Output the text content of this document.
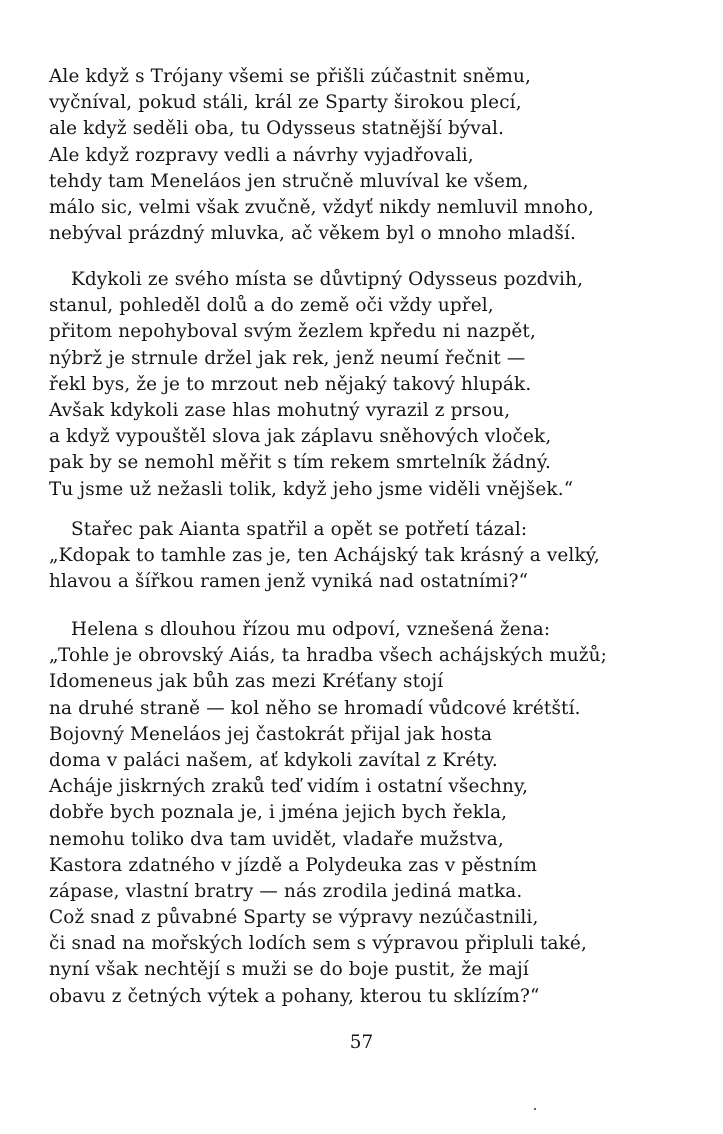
Ale když s Trójany všemi se přišli zúčastnit sněmu,
vyčníval, pokud stáli, král ze Sparty širokou plecí,
ale když seděli oba, tu Odysseus statnější býval.
Ale když rozpravy vedli a návrhy vyjadřovali,
tehdy tam Meneláos jen stručně mluvíval ke všem,
málo sic, velmi však zvučně, vždyť nikdy nemluvil mnoho,
nebýval prázdný mluvka, ač věkem byl o mnoho mladší.
Kdykoli ze svého místa se důvtipný Odysseus pozdvih,
stanul, pohleděl dolů a do země oči vždy upřel,
přitom nepohyboval svým žezlem kpředu ni nazpět,
nýbrž je strnule držel jak rek, jenž neumí řečnit —
řekl bys, že je to mrzout neb nějaký takový hlupák.
Avšak kdykoli zase hlas mohutný vyrazil z prsou,
a když vypouštěl slova jak záplavu sněhových vloček,
pak by se nemohl měřit s tím rekem smrtelník žádný.
Tu jsme už nežasli tolik, když jeho jsme viděli vnějšek.“
Stařec pak Aianta spatřil a opět se potřetí tázal:
„Kdopak to tamhle zas je, ten Achájský tak krásný a velký,
hlavou a šířkou ramen jenž vyniká nad ostatními?“
Helena s dlouhou řízou mu odpoví, vznešená žena:
„Tohle je obrovský Aiás, ta hradba všech achájských mužů;
Idomeneus jak bůh zas mezi Kréťany stojí
na druhé straně — kol něho se hromadí vůdcové krétští.
Bojovný Meneláos jej častokrát přijal jak hosta
doma v paláci našem, ať kdykoli zavítal z Kréty.
Acháje jiskrných zraků teď vidím i ostatní všechny,
dobře bych poznala je, i jména jejich bych řekla,
nemohu toliko dva tam uvidět, vladaře mužstva,
Kastora zdatného v jízdě a Polydeuka zas v pěstním
zápase, vlastní bratry — nás zrodila jediná matka.
Což snad z půvabné Sparty se výpravy nezúčastnili,
či snad na mořských lodích sem s výpravou připluli také,
nyní však nechtějí s muži se do boje pustit, že mají
obavu z četných výtek a pohany, kterou tu sklízím?“
57
